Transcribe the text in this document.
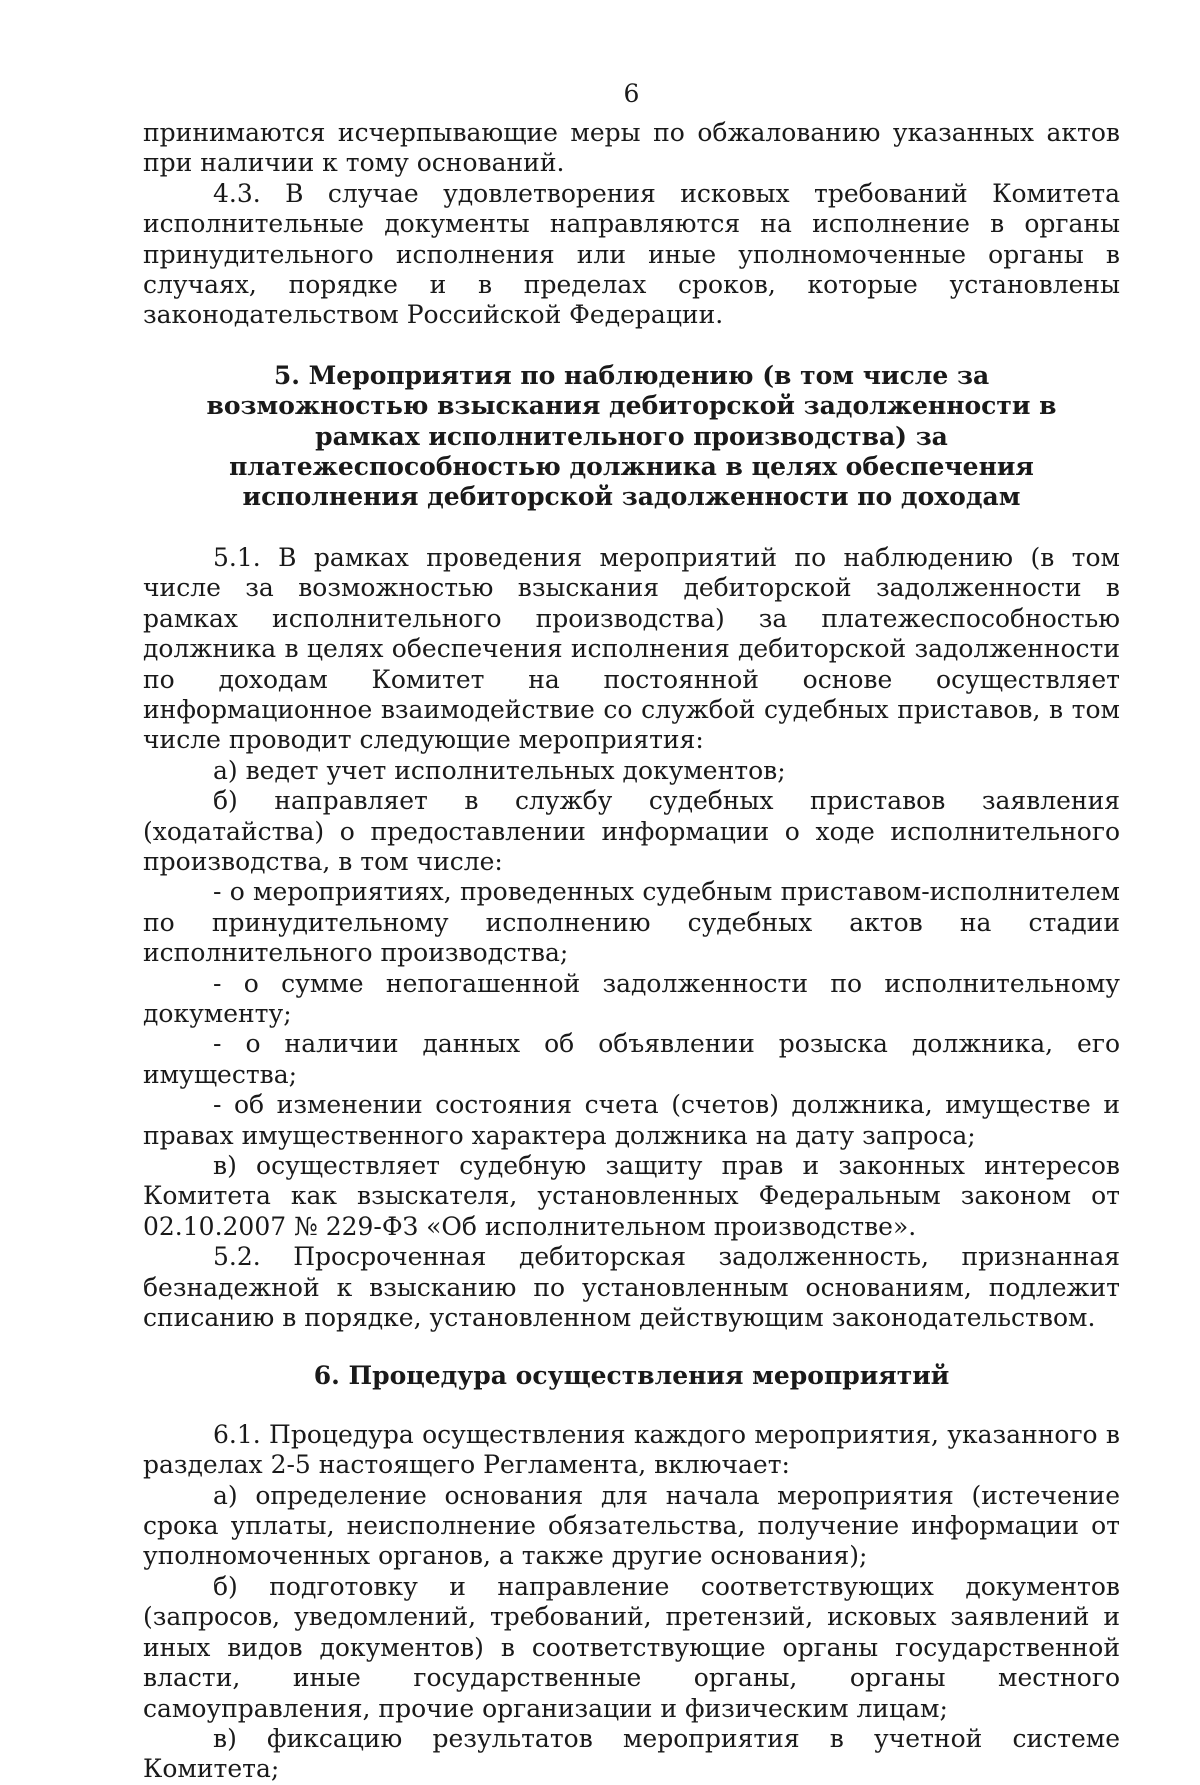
6

принимаются исчерпывающие меры по обжалованию указанных актов при наличии к тому оснований.

4.3. В случае удовлетворения исковых требований Комитета исполнительные документы направляются на исполнение в органы принудительного исполнения или иные уполномоченные органы в случаях, порядке и в пределах сроков, которые установлены законодательством Российской Федерации.

5. Мероприятия по наблюдению (в том числе за возможностью взыскания дебиторской задолженности в рамках исполнительного производства) за платежеспособностью должника в целях обеспечения исполнения дебиторской задолженности по доходам

5.1. В рамках проведения мероприятий по наблюдению (в том числе за возможностью взыскания дебиторской задолженности в рамках исполнительного производства) за платежеспособностью должника в целях обеспечения исполнения дебиторской задолженности по доходам Комитет на постоянной основе осуществляет информационное взаимодействие со службой судебных приставов, в том числе проводит следующие мероприятия:

а) ведет учет исполнительных документов;

б) направляет в службу судебных приставов заявления (ходатайства) о предоставлении информации о ходе исполнительного производства, в том числе:

- о мероприятиях, проведенных судебным приставом-исполнителем по принудительному исполнению судебных актов на стадии исполнительного производства;

- о сумме непогашенной задолженности по исполнительному документу;

- о наличии данных об объявлении розыска должника, его имущества;

- об изменении состояния счета (счетов) должника, имуществе и правах имущественного характера должника на дату запроса;

в) осуществляет судебную защиту прав и законных интересов Комитета как взыскателя, установленных Федеральным законом от 02.10.2007 № 229-ФЗ «Об исполнительном производстве».

5.2. Просроченная дебиторская задолженность, признанная безнадежной к взысканию по установленным основаниям, подлежит списанию в порядке, установленном действующим законодательством.

6. Процедура осуществления мероприятий

6.1. Процедура осуществления каждого мероприятия, указанного в разделах 2-5 настоящего Регламента, включает:

а) определение основания для начала мероприятия (истечение срока уплаты, неисполнение обязательства, получение информации от уполномоченных органов, а также другие основания);

б) подготовку и направление соответствующих документов (запросов, уведомлений, требований, претензий, исковых заявлений и иных видов документов) в соответствующие органы государственной власти, иные государственные органы, органы местного самоуправления, прочие организации и физическим лицам;

в) фиксацию результатов мероприятия в учетной системе Комитета;
